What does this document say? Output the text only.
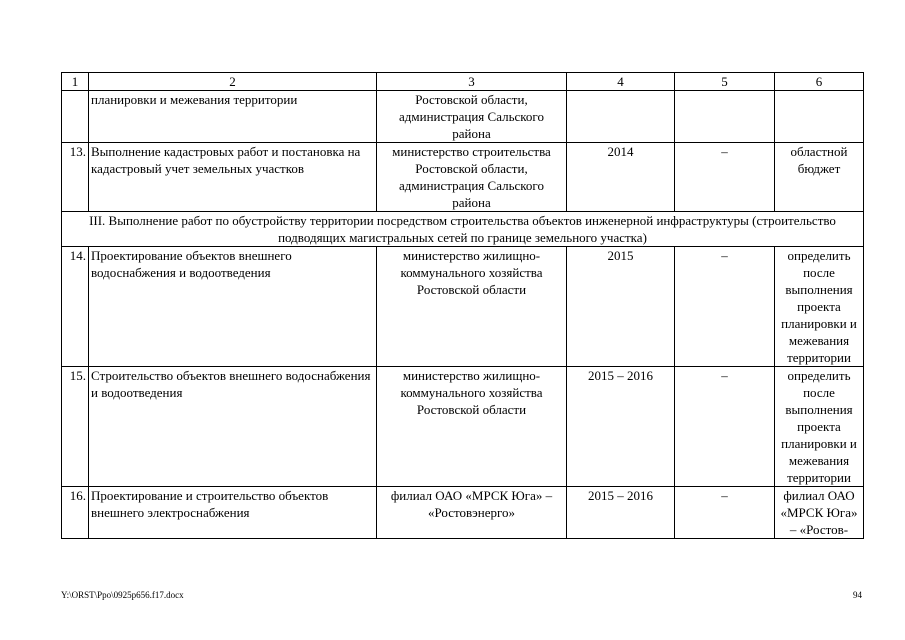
1	2	3	4	5	6
	планировки и межевания территории	Ростовской области, администрация Сальского района			
13.	Выполнение кадастровых работ и постановка на кадастровый учет земельных участков	министерство строительства Ростовской области, администрация Сальского района	2014	–	областной бюджет
III. Выполнение работ по обустройству территории посредством строительства объектов инженерной инфраструктуры (строительство подводящих магистральных сетей по границе земельного участка)					
14.	Проектирование объектов внешнего водоснабжения и водоотведения	министерство жилищно-коммунального хозяйства Ростовской области	2015	–	определить после выполнения проекта планировки и межевания территории
15.	Строительство объектов внешнего водоснабжения и водоотведения	министерство жилищно-коммунального хозяйства Ростовской области	2015 – 2016	–	определить после выполнения проекта планировки и межевания территории
16.	Проектирование и строительство объектов внешнего электроснабжения	филиал ОАО «МРСК Юга» – «Ростовэнерго»	2015 – 2016	–	филиал ОАО «МРСК Юга» – «Ростов-
Y:\ORST\Ppo\0925p656.f17.docx	94
